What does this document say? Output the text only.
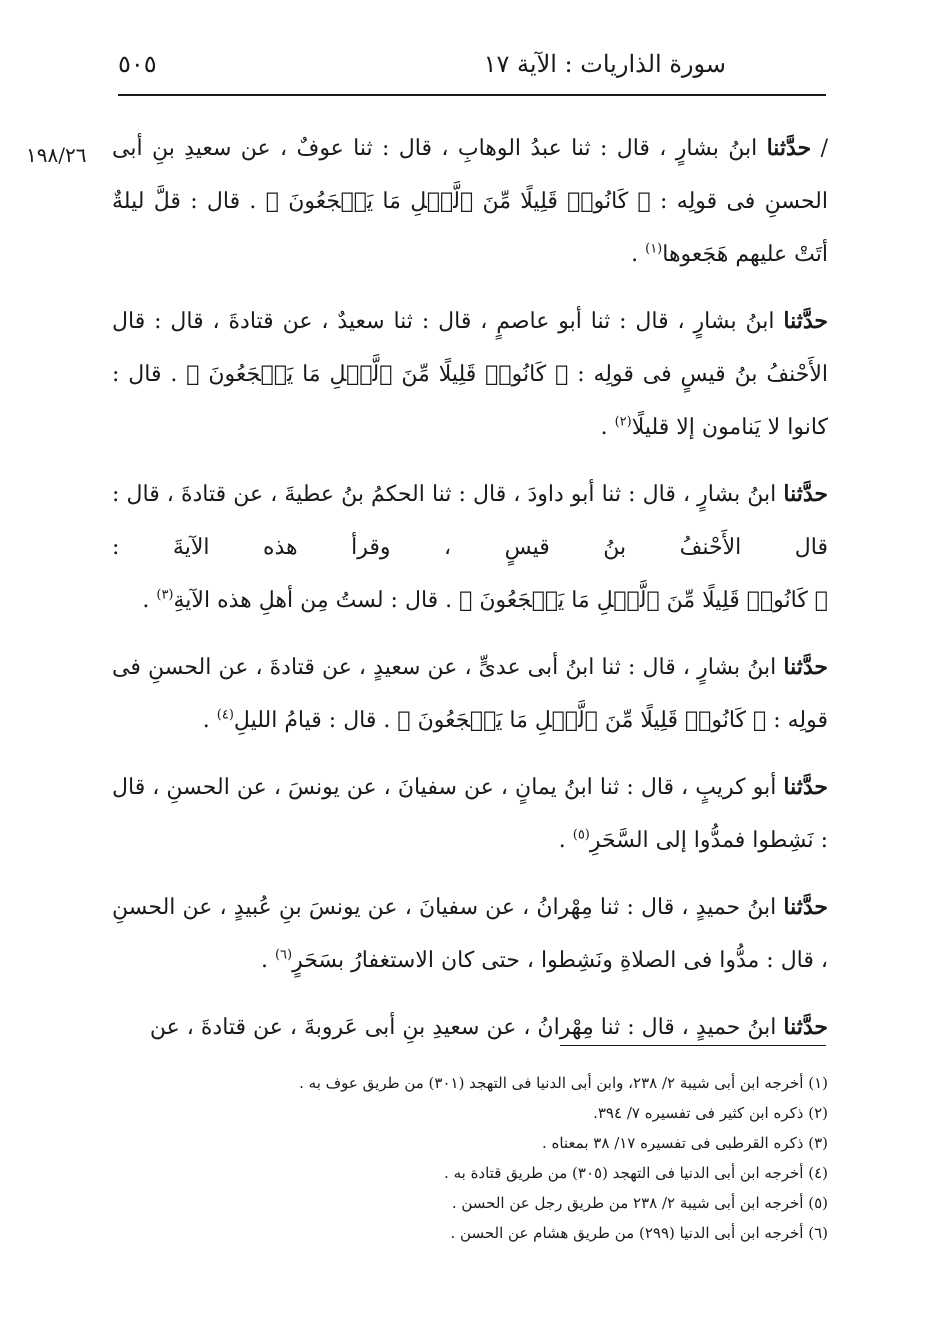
سورة الذاريات : الآية ١٧
٥٠٥
١٩٨/٢٦	/ حدَّثنا ابنُ بشارٍ ، قال : ثنا عبدُ الوهابِ ، قال : ثنا عوفٌ ، عن سعيدِ بنِ أبى الحسنِ فى قولِه : ﴿ كَانُوا۟ قَلِيلًا مِّنَ ٱلَّيۡلِ مَا يَهۡجَعُونَ ﴾ . قال : قلَّ ليلةٌ أتَتْ عليهم هَجَعوها$^{(١)}$ .

حدَّثنا ابنُ بشارٍ ، قال : ثنا أبو عاصمٍ ، قال : ثنا سعيدٌ ، عن قتادةَ ، قال : قال الأَحْنفُ بنُ قيسٍ فى قولِه : ﴿ كَانُوا۟ قَلِيلًا مِّنَ ٱلَّيۡلِ مَا يَهۡجَعُونَ ﴾ . قال : كانوا لا يَنامون إلا قليلًا$^{(٢)}$ .

حدَّثنا ابنُ بشارٍ ، قال : ثنا أبو داودَ ، قال : ثنا الحكمُ بنُ عطيةَ ، عن قتادةَ ، قال : قال الأَحْنفُ بنُ قيسٍ ، وقرأ هذه الآيةَ : ﴿ كَانُوا۟ قَلِيلًا مِّنَ ٱلَّيۡلِ مَا يَهۡجَعُونَ ﴾ . قال : لستُ مِن أهلِ هذه الآيةِ$^{(٣)}$ .

حدَّثنا ابنُ بشارٍ ، قال : ثنا ابنُ أبى عدىٍّ ، عن سعيدٍ ، عن قتادةَ ، عن الحسنِ فى قولِه : ﴿ كَانُوا۟ قَلِيلًا مِّنَ ٱلَّيۡلِ مَا يَهۡجَعُونَ ﴾ . قال : قيامُ الليلِ$^{(٤)}$ .

حدَّثنا أبو كريبٍ ، قال : ثنا ابنُ يمانٍ ، عن سفيانَ ، عن يونسَ ، عن الحسنِ ، قال : نَشِطوا فمدُّوا إلى السَّحَرِ$^{(٥)}$ .

حدَّثنا ابنُ حميدٍ ، قال : ثنا مِهْرانُ ، عن سفيانَ ، عن يونسَ بنِ عُبيدٍ ، عن الحسنِ ، قال : مدُّوا فى الصلاةِ ونَشِطوا ، حتى كان الاستغفارُ بسَحَرٍ$^{(٦)}$ .

حدَّثنا ابنُ حميدٍ ، قال : ثنا مِهْرانُ ، عن سعيدِ بنِ أبى عَروبةَ ، عن قتادةَ ، عن

(١) أخرجه ابن أبى شيبة ٢/ ٢٣٨، وابن أبى الدنيا فى التهجد (٣٠١) من طريق عوف به .
(٢) ذكره ابن كثير فى تفسيره ٧/ ٣٩٤.
(٣) ذكره القرطبى فى تفسيره ١٧/ ٣٨ بمعناه .
(٤) أخرجه ابن أبى الدنيا فى التهجد (٣٠٥) من طريق قتادة به .
(٥) أخرجه ابن أبى شيبة ٢/ ٢٣٨ من طريق رجل عن الحسن .
(٦) أخرجه ابن أبى الدنيا (٢٩٩) من طريق هشام عن الحسن .
